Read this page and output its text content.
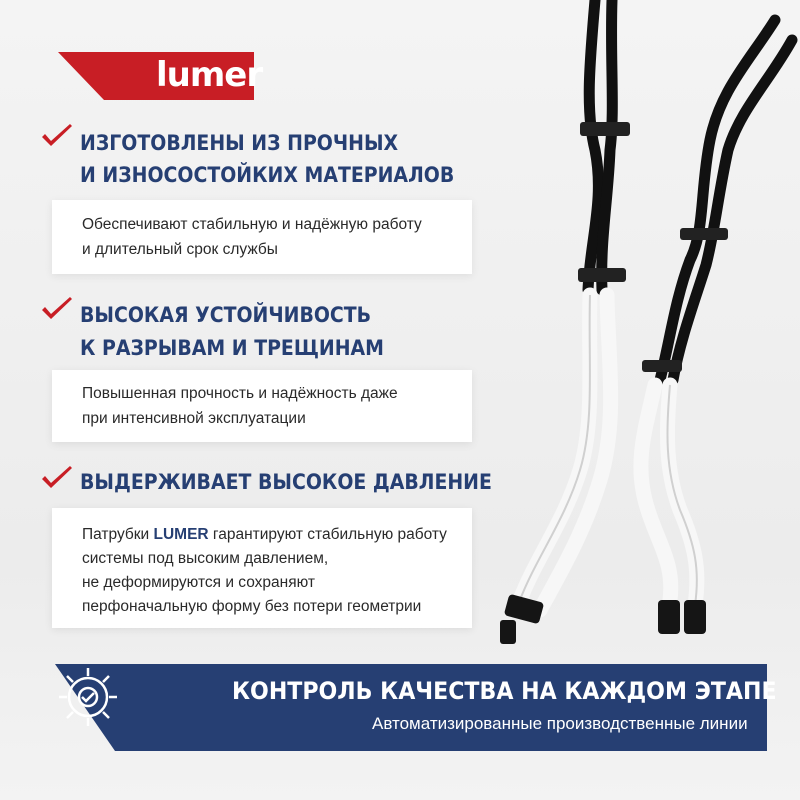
lumer
ИЗГОТОВЛЕНЫ ИЗ ПРОЧНЫХ
И ИЗНОСОСТОЙКИХ МАТЕРИАЛОВ
Обеспечивают стабильную и надёжную работу
и длительный срок службы
ВЫСОКАЯ УСТОЙЧИВОСТЬ
К РАЗРЫВАМ И ТРЕЩИНАМ
Повышенная прочность и надёжность даже
при интенсивной эксплуатации
ВЫДЕРЖИВАЕТ ВЫСОКОЕ ДАВЛЕНИЕ
Патрубки LUMER гарантируют стабильную работу
системы под высоким давлением,
не деформируются и сохраняют
перфоначальную форму без потери геометрии
КОНТРОЛЬ КАЧЕСТВА НА КАЖДОМ ЭТАПЕ
Автоматизированные производственные линии
